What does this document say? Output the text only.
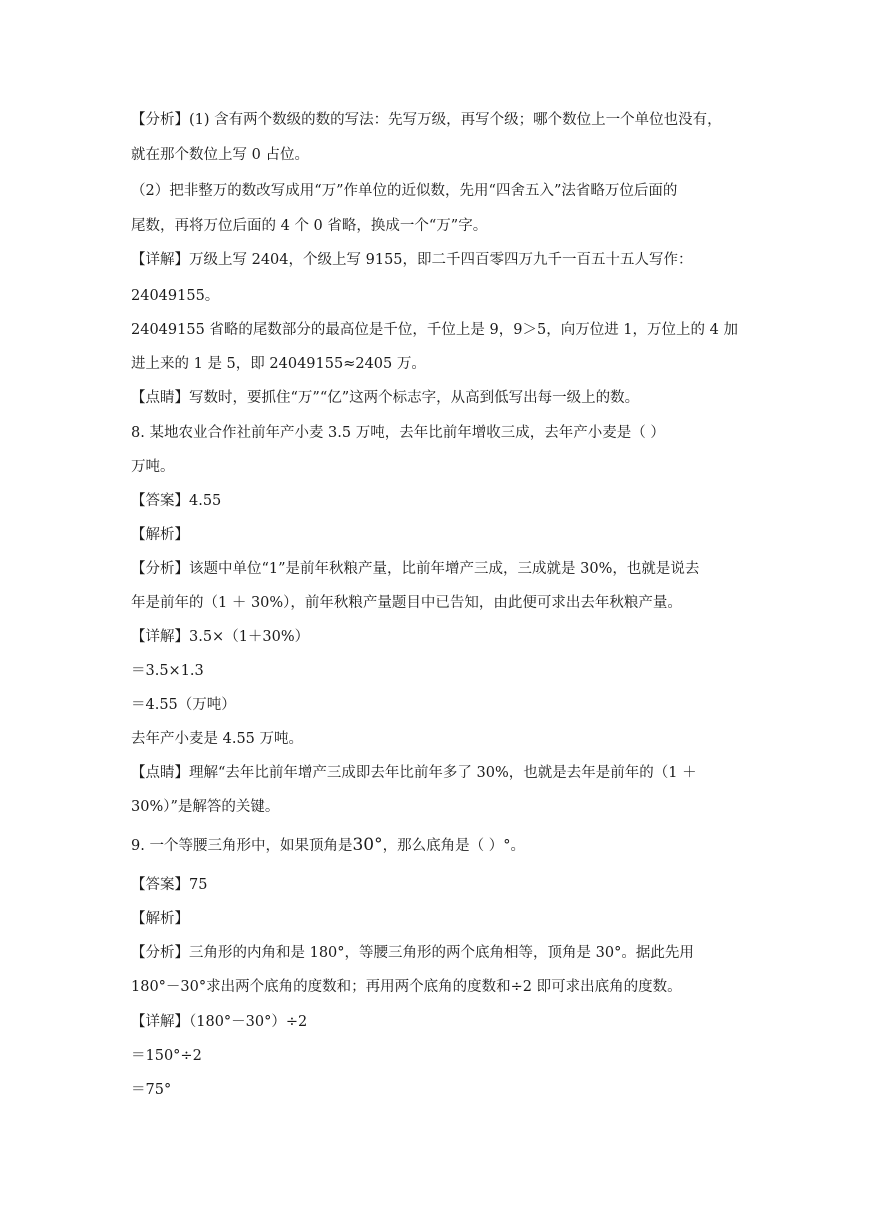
【分析】(1) 含有两个数级的数的写法：先写万级，再写个级；哪个数位上一个单位也没有，
就在那个数位上写 0 占位。
（2）把非整万的数改写成用“万”作单位的近似数，先用“四舍五入”法省略万位后面的
尾数，再将万位后面的 4 个 0 省略，换成一个“万”字。
【详解】万级上写 2404，个级上写 9155，即二千四百零四万九千一百五十五人写作：
24049155。
24049155 省略的尾数部分的最高位是千位，千位上是 9，9＞5，向万位进 1，万位上的 4 加
进上来的 1 是 5，即 24049155≈2405 万。
【点睛】写数时，要抓住“万”“亿”这两个标志字，从高到低写出每一级上的数。
8. 某地农业合作社前年产小麦 3.5 万吨，去年比前年增收三成，去年产小麦是（ ）
万吨。
【答案】4.55
【解析】
【分析】该题中单位“1”是前年秋粮产量，比前年增产三成，三成就是 30%，也就是说去
年是前年的（1 ＋ 30%），前年秋粮产量题目中已告知，由此便可求出去年秋粮产量。
【详解】3.5×（1＋30%）
＝3.5×1.3
＝4.55（万吨）
去年产小麦是 4.55 万吨。
【点睛】理解“去年比前年增产三成即去年比前年多了 30%，也就是去年是前年的（1 ＋
30%）”是解答的关键。
9. 一个等腰三角形中，如果顶角是30°，那么底角是（ ）°。
【答案】75
【解析】
【分析】三角形的内角和是 180°，等腰三角形的两个底角相等，顶角是 30°。据此先用
180°－30°求出两个底角的度数和；再用两个底角的度数和÷2 即可求出底角的度数。
【详解】（180°－30°）÷2
＝150°÷2
＝75°
